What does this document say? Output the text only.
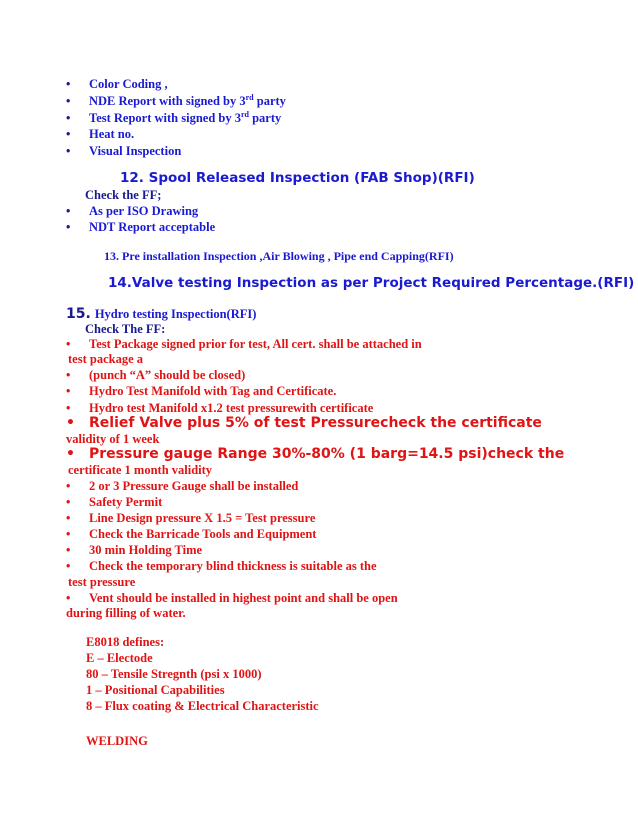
• Color Coding ,
• NDE Report with signed by 3rd party
• Test Report with signed by 3rd party
• Heat no.
• Visual Inspection
12. Spool Released Inspection (FAB Shop)(RFI)
Check the FF;
• As per ISO Drawing
• NDT Report acceptable
13. Pre installation Inspection ,Air Blowing , Pipe end Capping(RFI)
14.Valve testing Inspection as per Project Required Percentage.(RFI)
15. Hydro testing Inspection(RFI)
Check The FF:
• Test Package signed prior for test, All cert. shall be attached in
test package a
• (punch “A” should be closed)
• Hydro Test Manifold with Tag and Certificate.
• Hydro test Manifold x1.2 test pressurewith certificate
• Relief Valve plus 5% of test Pressurecheck the certificate
validity of 1 week
• Pressure gauge Range 30%-80% (1 barg=14.5 psi)check the
certificate 1 month validity
• 2 or 3 Pressure Gauge shall be installed
• Safety Permit
• Line Design pressure X 1.5 = Test pressure
• Check the Barricade Tools and Equipment
• 30 min Holding Time
• Check the temporary blind thickness is suitable as the
test pressure
• Vent should be installed in highest point and shall be open
during filling of water.
E8018 defines:
E – Electode
80 – Tensile Stregnth (psi x 1000)
1 – Positional Capabilities
8 – Flux coating & Electrical Characteristic
WELDING
